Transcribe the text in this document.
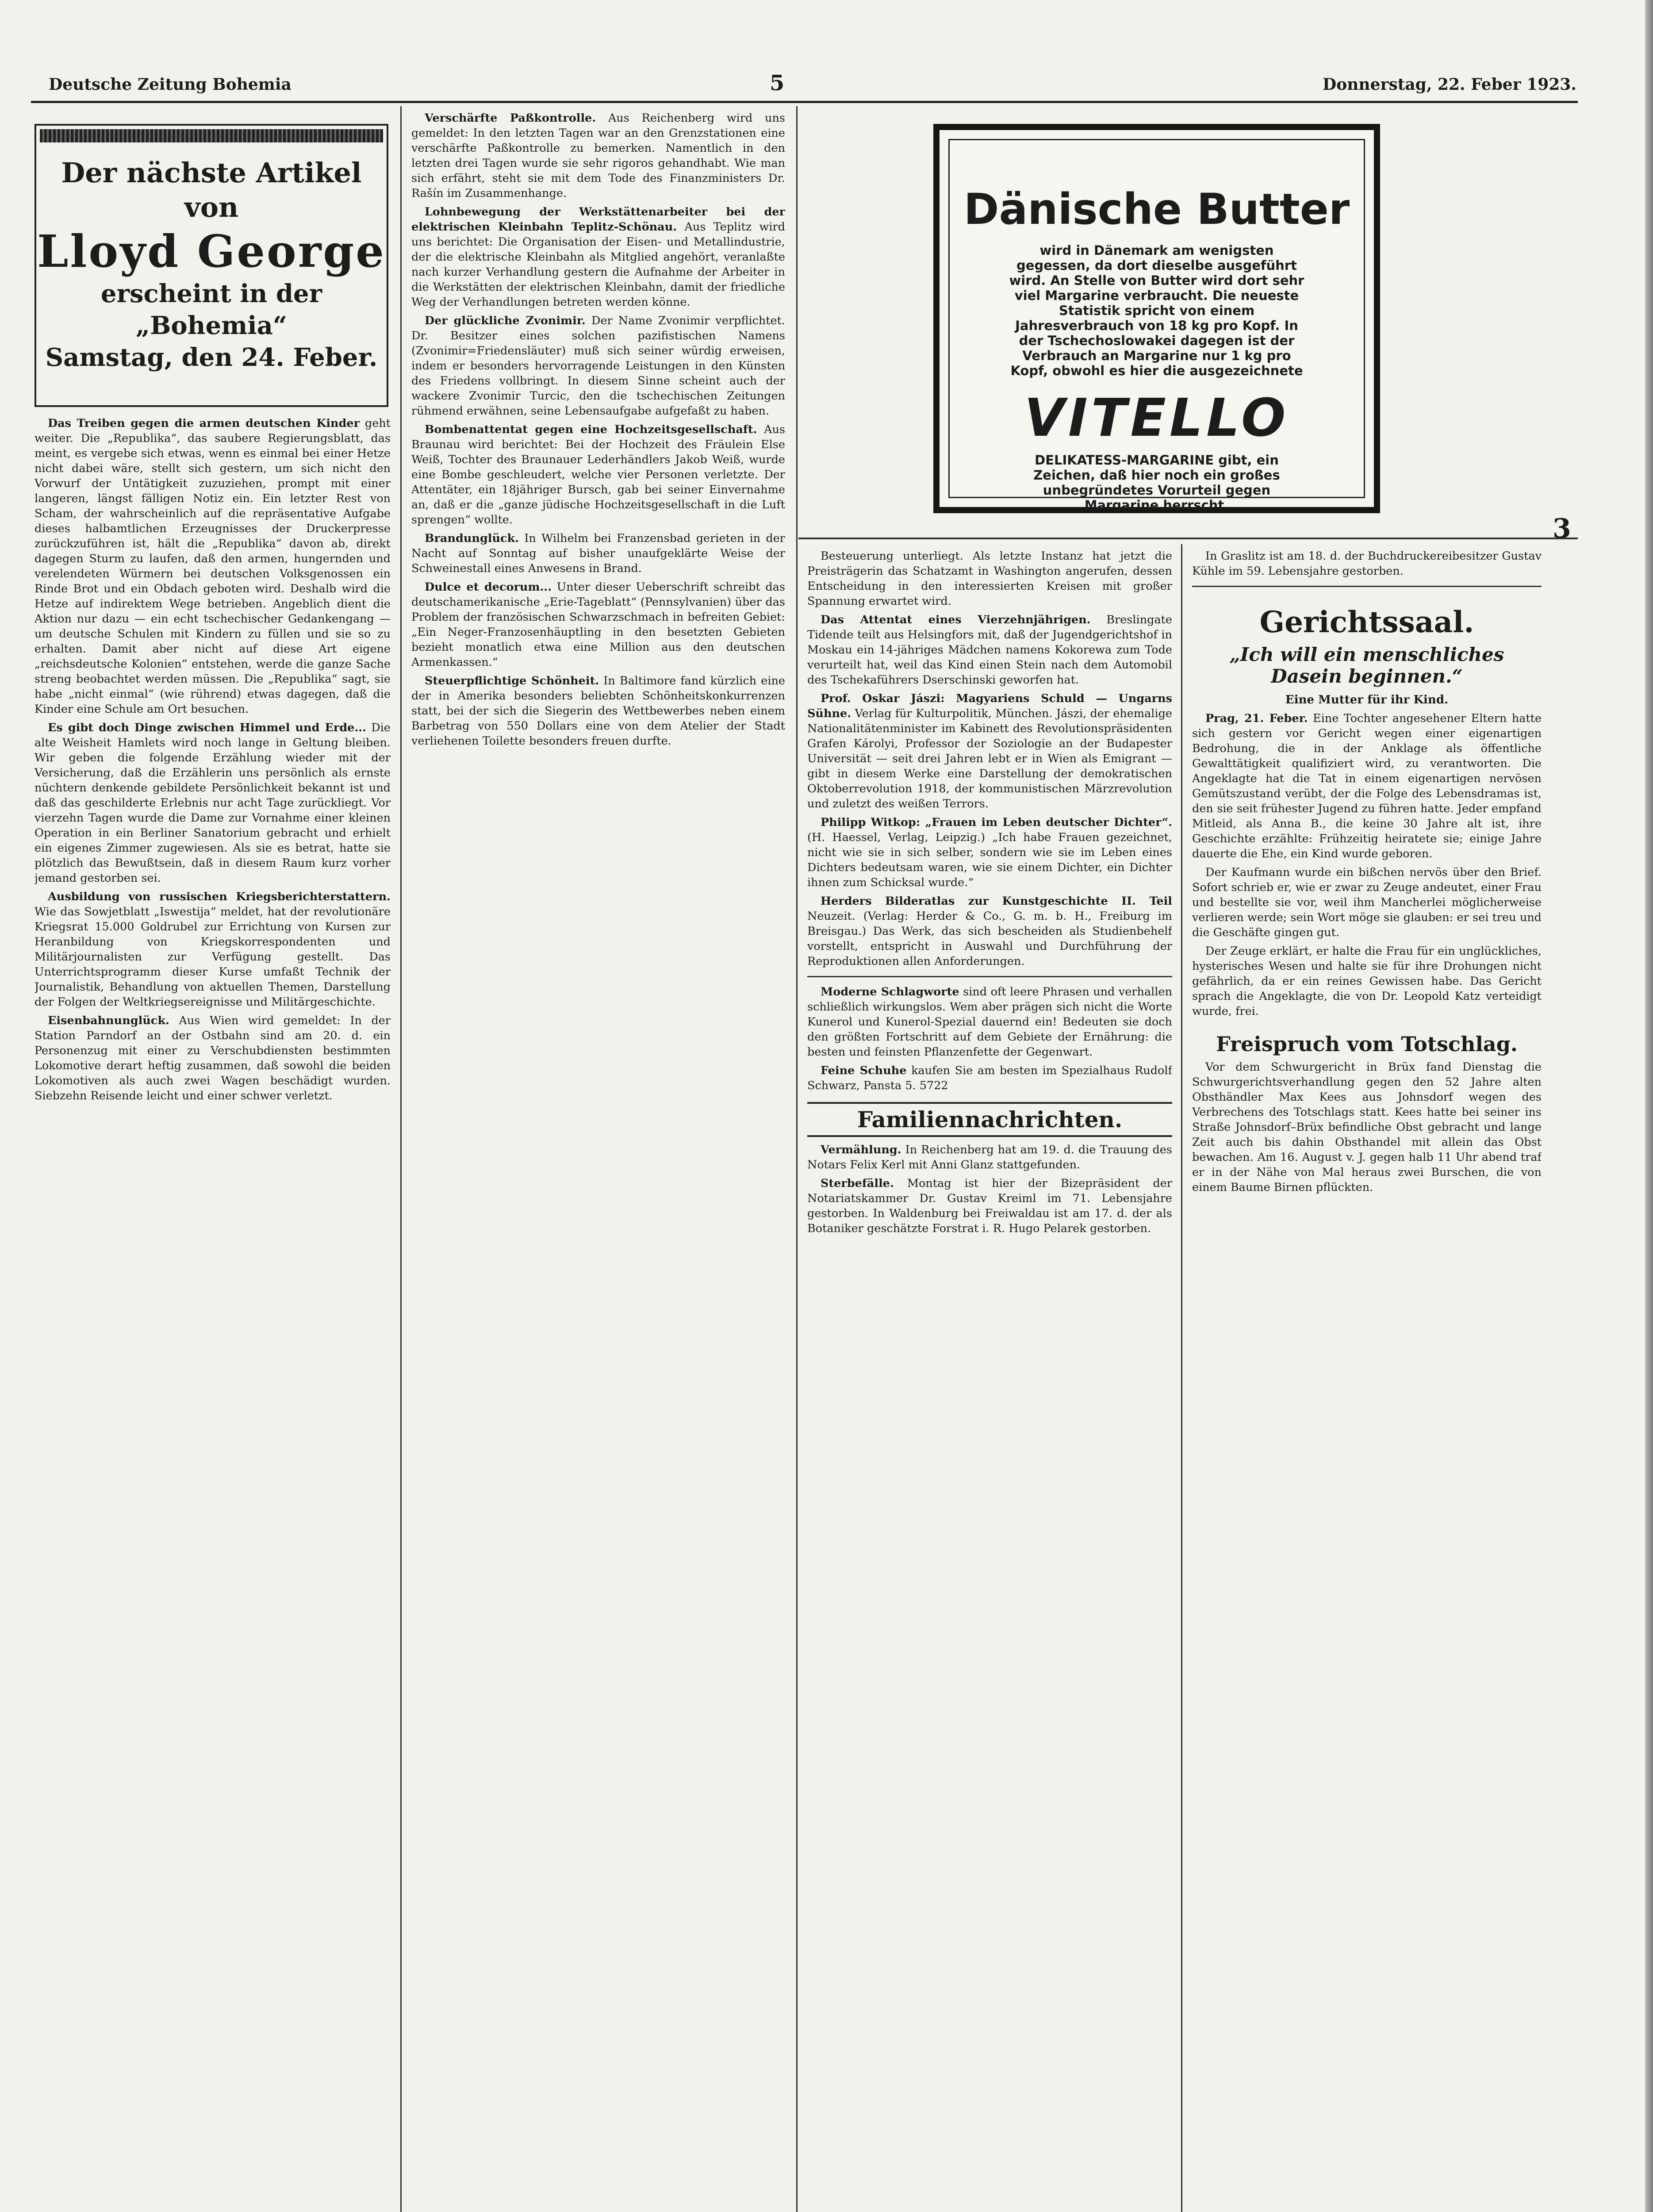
Deutsche Zeitung Bohemia	5	Donnerstag, 22. Feber 1923.
Der nächste Artikel von
Lloyd George
erscheint in der „Bohemia“
Samstag, den 24. Feber.
Dänische Butter
wird in Dänemark am wenigsten gegessen, da dort dieselbe ausgeführt wird. An Stelle von Butter wird dort sehr viel Margarine verbraucht. Die neueste Statistik spricht von einem Jahresverbrauch von 18 kg pro Kopf. In der Tschechoslowakei dagegen ist der Verbrauch an Margarine nur 1 kg pro Kopf, obwohl es hier die ausgezeichnete
VITELLO
DELIKATESS-MARGARINE gibt, ein Zeichen, daß hier noch ein großes unbegründetes Vorurteil gegen Margarine herrscht.
3

Das Treiben gegen die armen deutschen Kinder geht weiter. Die „Republika“, das saubere Regierungsblatt, das meint, es vergebe sich etwas, wenn es einmal bei einer Hetze nicht dabei wäre, stellt sich gestern, um sich nicht den Vorwurf der Untätigkeit zuzuziehen, prompt mit einer langeren, längst fälligen Notiz ein. Ein letzter Rest von Scham, der wahrscheinlich auf die repräsentative Aufgabe dieses halbamtlichen Erzeugnisses der Druckerpresse zurückzuführen ist, hält die „Republika“ davon ab, direkt dagegen Sturm zu laufen, daß den armen, hungernden und verelendeten Würmern bei deutschen Volksgenossen ein Rinde Brot und ein Obdach geboten wird. Deshalb wird die Hetze auf indirektem Wege betrieben. Angeblich dient die Aktion nur dazu — ein echt tschechischer Gedankengang — um deutsche Schulen mit Kindern zu füllen und sie so zu erhalten. Damit aber nicht auf diese Art eigene „reichsdeutsche Kolonien“ entstehen, werde die ganze Sache streng beobachtet werden müssen. Die „Republika“ sagt, sie habe „nicht einmal“ (wie rührend) etwas dagegen, daß die Kinder eine Schule am Ort besuchen.

Es gibt doch Dinge zwischen Himmel und Erde... Die alte Weisheit Hamlets wird noch lange in Geltung bleiben. Wir geben die folgende Erzählung wieder mit der Versicherung, daß die Erzählerin uns persönlich als ernste nüchtern denkende gebildete Persönlichkeit bekannt ist und daß das geschilderte Erlebnis nur acht Tage zurückliegt. Vor vierzehn Tagen wurde die Dame zur Vornahme einer kleinen Operation in ein Berliner Sanatorium gebracht und erhielt ein eigenes Zimmer zugewiesen. Als sie es betrat, hatte sie plötzlich das Bewußtsein, daß in diesem Raum kurz vorher jemand gestorben sei.

Ausbildung von russischen Kriegsberichterstattern. Wie das Sowjetblatt „Iswestija“ meldet, hat der revolutionäre Kriegsrat 15.000 Goldrubel zur Errichtung von Kursen zur Heranbildung von Kriegskorrespondenten und Militärjournalisten zur Verfügung gestellt. Das Unterrichtsprogramm dieser Kurse umfaßt Technik der Journalistik, Behandlung von aktuellen Themen, Darstellung der Folgen der Weltkriegsereignisse und Militärgeschichte.

Eisenbahnunglück. Aus Wien wird gemeldet: In der Station Parndorf an der Ostbahn sind am 20. d. ein Personenzug mit einer zu Verschubdiensten bestimmten Lokomotive derart heftig zusammen, daß sowohl die beiden Lokomotiven als auch zwei Wagen beschädigt wurden. Siebzehn Reisende leicht und einer schwer verletzt.

Verschärfte Paßkontrolle. Aus Reichenberg wird uns gemeldet: In den letzten Tagen war an den Grenzstationen eine verschärfte Paßkontrolle zu bemerken. Namentlich in den letzten drei Tagen wurde sie sehr rigoros gehandhabt. Wie man sich erfährt, steht sie mit dem Tode des Finanzministers Dr. Rašín im Zusammenhange.

Lohnbewegung der Werkstättenarbeiter bei der elektrischen Kleinbahn Teplitz-Schönau. Aus Teplitz wird uns berichtet: Die Organisation der Eisen- und Metallindustrie, der die elektrische Kleinbahn als Mitglied angehört, veranlaßte nach kurzer Verhandlung gestern die Aufnahme der Arbeiter in die Werkstätten der elektrischen Kleinbahn, damit der friedliche Weg der Verhandlungen betreten werden könne.

Der glückliche Zvonimir. Der Name Zvonimir verpflichtet. Dr. Besitzer eines solchen pazifistischen Namens (Zvonimir=Friedensläuter) muß sich seiner würdig erweisen, indem er besonders hervorragende Leistungen in den Künsten des Friedens vollbringt. In diesem Sinne scheint auch der wackere Zvonimir Turcic, den die tschechischen Zeitungen rühmend erwähnen, seine Lebensaufgabe aufgefaßt zu haben.

Bombenattentat gegen eine Hochzeitsgesellschaft. Aus Braunau wird berichtet: Bei der Hochzeit des Fräulein Else Weiß, Tochter des Braunauer Lederhändlers Jakob Weiß, wurde eine Bombe geschleudert, welche vier Personen verletzte. Der Attentäter, ein 18jähriger Bursch, gab bei seiner Einvernahme an, daß er die „ganze jüdische Hochzeitsgesellschaft in die Luft sprengen“ wollte.

Brandunglück. In Wilhelm bei Franzensbad gerieten in der Nacht auf Sonntag auf bisher unaufgeklärte Weise der Schweinestall eines Anwesens in Brand.

Dulce et decorum... Unter dieser Ueberschrift schreibt das deutschamerikanische „Erie-Tageblatt“ (Pennsylvanien) über das Problem der französischen Schwarzschmach in befreiten Gebiet: „Ein Neger-Franzosenhäuptling in den besetzten Gebieten bezieht monatlich etwa eine Million aus den deutschen Armenkassen.“

Steuerpflichtige Schönheit. In Baltimore fand kürzlich eine der in Amerika besonders beliebten Schönheitskonkurrenzen statt, bei der sich die Siegerin des Wettbewerbes neben einem Barbetrag von 550 Dollars eine von dem Atelier der Stadt verliehenen Toilette besonders freuen durfte.

Besteuerung unterliegt. Als letzte Instanz hat jetzt die Preisträgerin das Schatzamt in Washington angerufen, dessen Entscheidung in den interessierten Kreisen mit großer Spannung erwartet wird.

Das Attentat eines Vierzehnjährigen. Breslingate Tidende teilt aus Helsingfors mit, daß der Jugendgerichtshof in Moskau ein 14-jähriges Mädchen namens Kokorewa zum Tode verurteilt hat, weil das Kind einen Stein nach dem Automobil des Tschekaführers Dserschinski geworfen hat.

Prof. Oskar Jászi: Magyariens Schuld — Ungarns Sühne. Verlag für Kulturpolitik, München. Jászi, der ehemalige Nationalitätenminister im Kabinett des Revolutionspräsidenten Grafen Károlyi, Professor der Soziologie an der Budapester Universität — seit drei Jahren lebt er in Wien als Emigrant — gibt in diesem Werke eine Darstellung der demokratischen Oktoberrevolution 1918, der kommunistischen Märzrevolution und zuletzt des weißen Terrors.

Philipp Witkop: „Frauen im Leben deutscher Dichter“. (H. Haessel, Verlag, Leipzig.) „Ich habe Frauen gezeichnet, nicht wie sie in sich selber, sondern wie sie im Leben eines Dichters bedeutsam waren, wie sie einem Dichter, ein Dichter ihnen zum Schicksal wurde.“

Herders Bilderatlas zur Kunstgeschichte II. Teil Neuzeit. (Verlag: Herder & Co., G. m. b. H., Freiburg im Breisgau.) Das Werk, das sich bescheiden als Studienbehelf vorstellt, entspricht in Auswahl und Durchführung der Reproduktionen allen Anforderungen.

Moderne Schlagworte sind oft leere Phrasen und verhallen schließlich wirkungslos. Wem aber prägen sich nicht die Worte Kunerol und Kunerol-Spezial dauernd ein! Bedeuten sie doch den größten Fortschritt auf dem Gebiete der Ernährung: die besten und feinsten Pflanzenfette der Gegenwart.

Feine Schuhe kaufen Sie am besten im Spezialhaus Rudolf Schwarz, Pansta 5. 5722

Familiennachrichten.

Vermählung. In Reichenberg hat am 19. d. die Trauung des Notars Felix Kerl mit Anni Glanz stattgefunden.

Sterbefälle. Montag ist hier der Bizepräsident der Notariatskammer Dr. Gustav Kreiml im 71. Lebensjahre gestorben. In Waldenburg bei Freiwaldau ist am 17. d. der als Botaniker geschätzte Forstrat i. R. Hugo Pelarek gestorben.

In Graslitz ist am 18. d. der Buchdruckereibesitzer Gustav Kühle im 59. Lebensjahre gestorben.

Gerichtssaal.
„Ich will ein menschliches Dasein beginnen.“
Eine Mutter für ihr Kind.

Prag, 21. Feber. Eine Tochter angesehener Eltern hatte sich gestern vor Gericht wegen einer eigenartigen Bedrohung, die in der Anklage als öffentliche Gewalttätigkeit qualifiziert wird, zu verantworten. Die Angeklagte hat die Tat in einem eigenartigen nervösen Gemütszustand verübt, der die Folge des Lebensdramas ist, den sie seit frühester Jugend zu führen hatte. Jeder empfand Mitleid, als Anna B., die keine 30 Jahre alt ist, ihre Geschichte erzählte: Frühzeitig heiratete sie; einige Jahre dauerte die Ehe, ein Kind wurde geboren.

Der Kaufmann wurde ein bißchen nervös über den Brief. Sofort schrieb er, wie er zwar zu Zeuge andeutet, einer Frau und bestellte sie vor, weil ihm Mancherlei möglicherweise verlieren werde; sein Wort möge sie glauben: er sei treu und die Geschäfte gingen gut.

Der Zeuge erklärt, er halte die Frau für ein unglückliches, hysterisches Wesen und halte sie für ihre Drohungen nicht gefährlich, da er ein reines Gewissen habe. Das Gericht sprach die Angeklagte, die von Dr. Leopold Katz verteidigt wurde, frei.

Freispruch vom Totschlag.

Vor dem Schwurgericht in Brüx fand Dienstag die Schwurgerichtsverhandlung gegen den 52 Jahre alten Obsthändler Max Kees aus Johnsdorf wegen des Verbrechens des Totschlags statt. Kees hatte bei seiner ins Straße Johnsdorf–Brüx befindliche Obst gebracht und lange Zeit auch bis dahin Obsthandel mit allein das Obst bewachen. Am 16. August v. J. gegen halb 11 Uhr abend traf er in der Nähe von Mal heraus zwei Burschen, die von einem Baume Birnen pflückten.
